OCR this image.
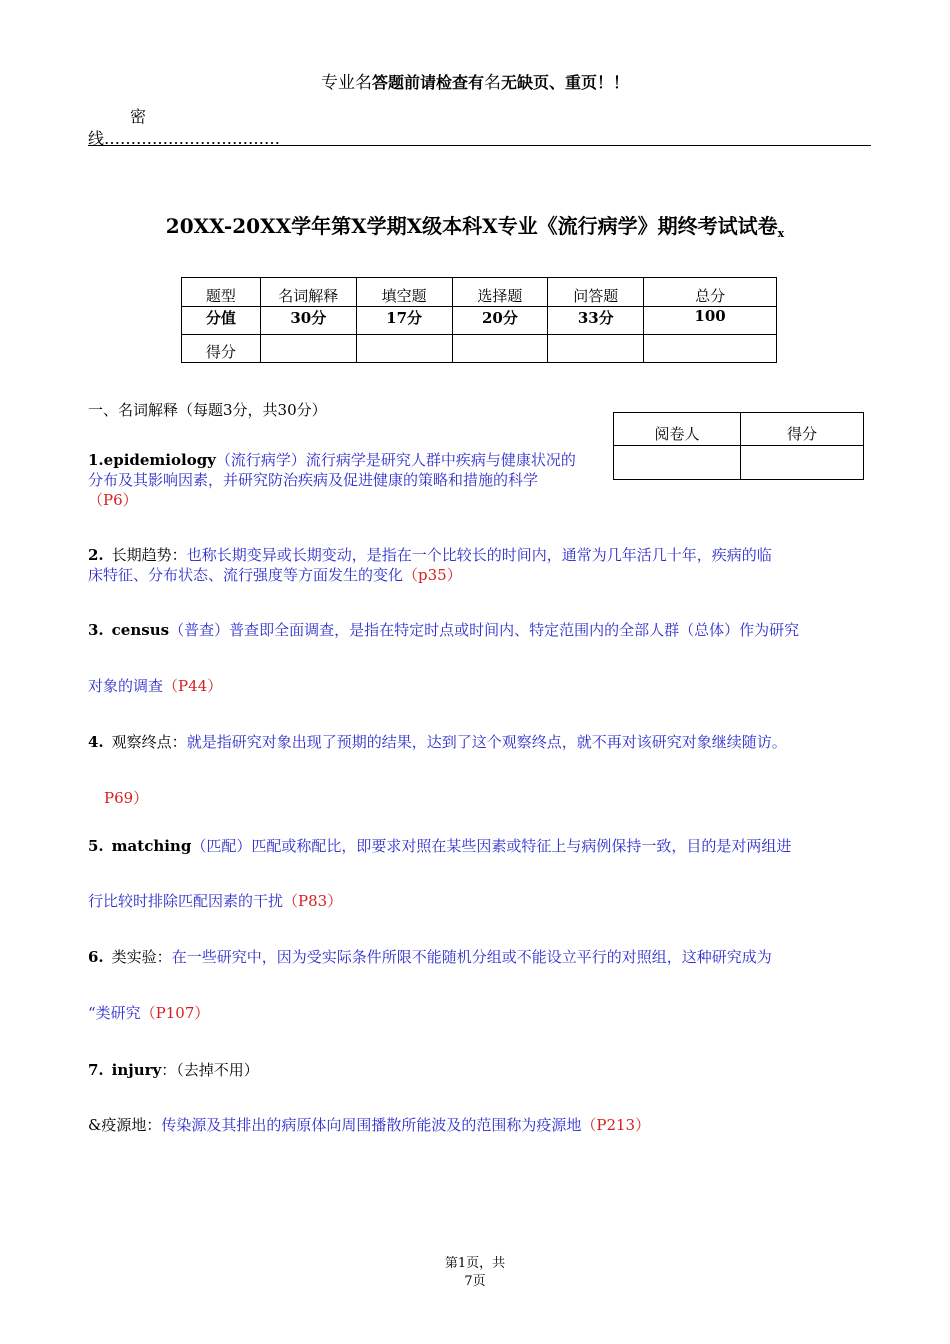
专业名答题前请检查有名无缺页、重页！！
密
线……………………………
20XX-20XX学年第X学期X级本科X专业《流行病学》期终考试试卷$_x$
题型	名词解释	填空题	选择题	问答题	总分
分值	30分	17分	20分	33分	100
得分					
阅卷人	得分

一、名词解释（每题3分，共30分）
1.epidemiology（流行病学）流行病学是研究人群中疾病与健康状况的
分布及其影响因素，并研究防治疾病及促进健康的策略和措施的科学
（P6）
2. 长期趋势：也称长期变异或长期变动，是指在一个比较长的时间内，通常为几年活几十年，疾病的临
床特征、分布状态、流行强度等方面发生的变化（p35）
3. census（普查）普查即全面调查，是指在特定时点或时间内、特定范围内的全部人群（总体）作为研究
对象的调查（P44）
4. 观察终点：就是指研究对象出现了预期的结果，达到了这个观察终点，就不再对该研究对象继续随访。
P69）
5. matching（匹配）匹配或称配比，即要求对照在某些因素或特征上与病例保持一致，目的是对两组进
行比较时排除匹配因素的干扰（P83）
6. 类实验：在一些研究中，因为受实际条件所限不能随机分组或不能设立平行的对照组，这种研究成为
“类研究（P107）
7. injury：（去掉不用）
&疫源地：传染源及其排出的病原体向周围播散所能波及的范围称为疫源地（P213）
第1页，共
7页
